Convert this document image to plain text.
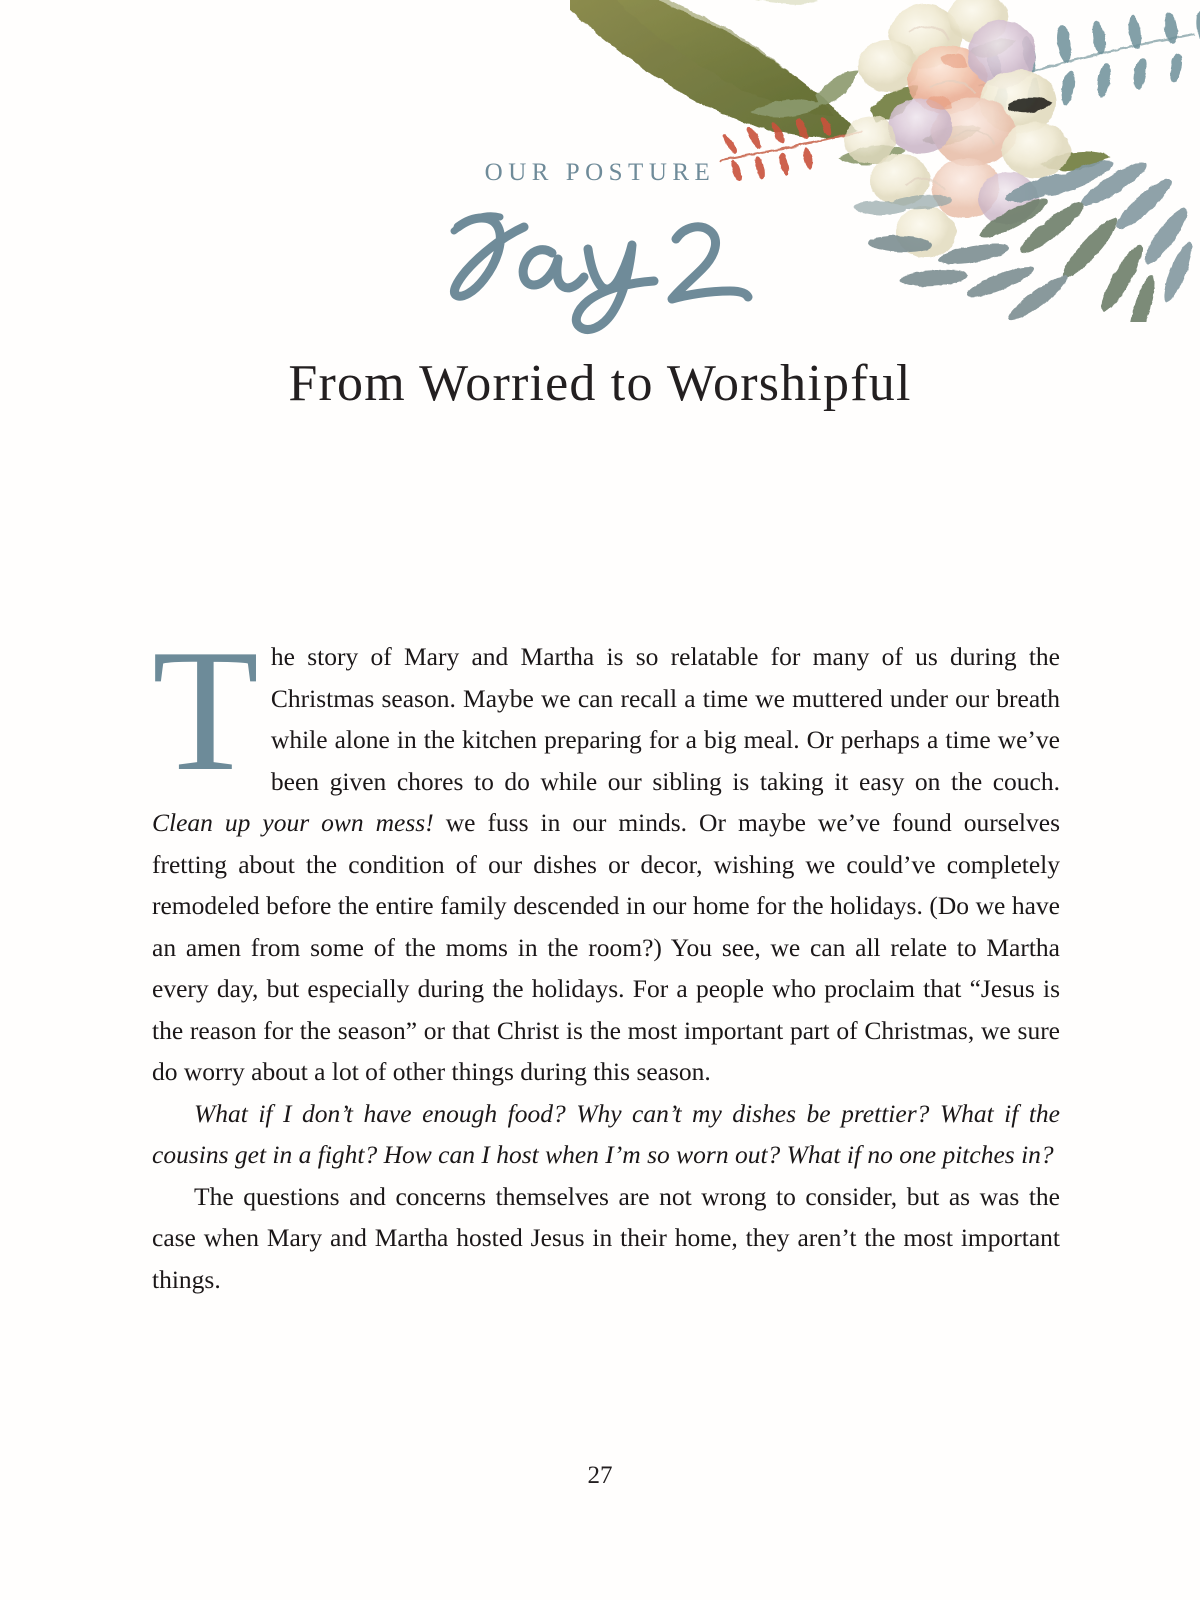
OUR POSTURE
From Worried to Worshipful

The story of Mary and Martha is so relatable for many of us during the Christmas season. Maybe we can recall a time we muttered under our breath while alone in the kitchen preparing for a big meal. Or perhaps a time we’ve been given chores to do while our sibling is taking it easy on the couch. Clean up your own mess! we fuss in our minds. Or maybe we’ve found ourselves fretting about the condition of our dishes or decor, wishing we could’ve completely remodeled before the entire family descended in our home for the holidays. (Do we have an amen from some of the moms in the room?) You see, we can all relate to Martha every day, but especially during the holidays. For a people who proclaim that “Jesus is the reason for the season” or that Christ is the most important part of Christmas, we sure do worry about a lot of other things during this season.

What if I don’t have enough food? Why can’t my dishes be prettier? What if the cousins get in a fight? How can I host when I’m so worn out? What if no one pitches in?

The questions and concerns themselves are not wrong to consider, but as was the case when Mary and Martha hosted Jesus in their home, they aren’t the most important things.

27
